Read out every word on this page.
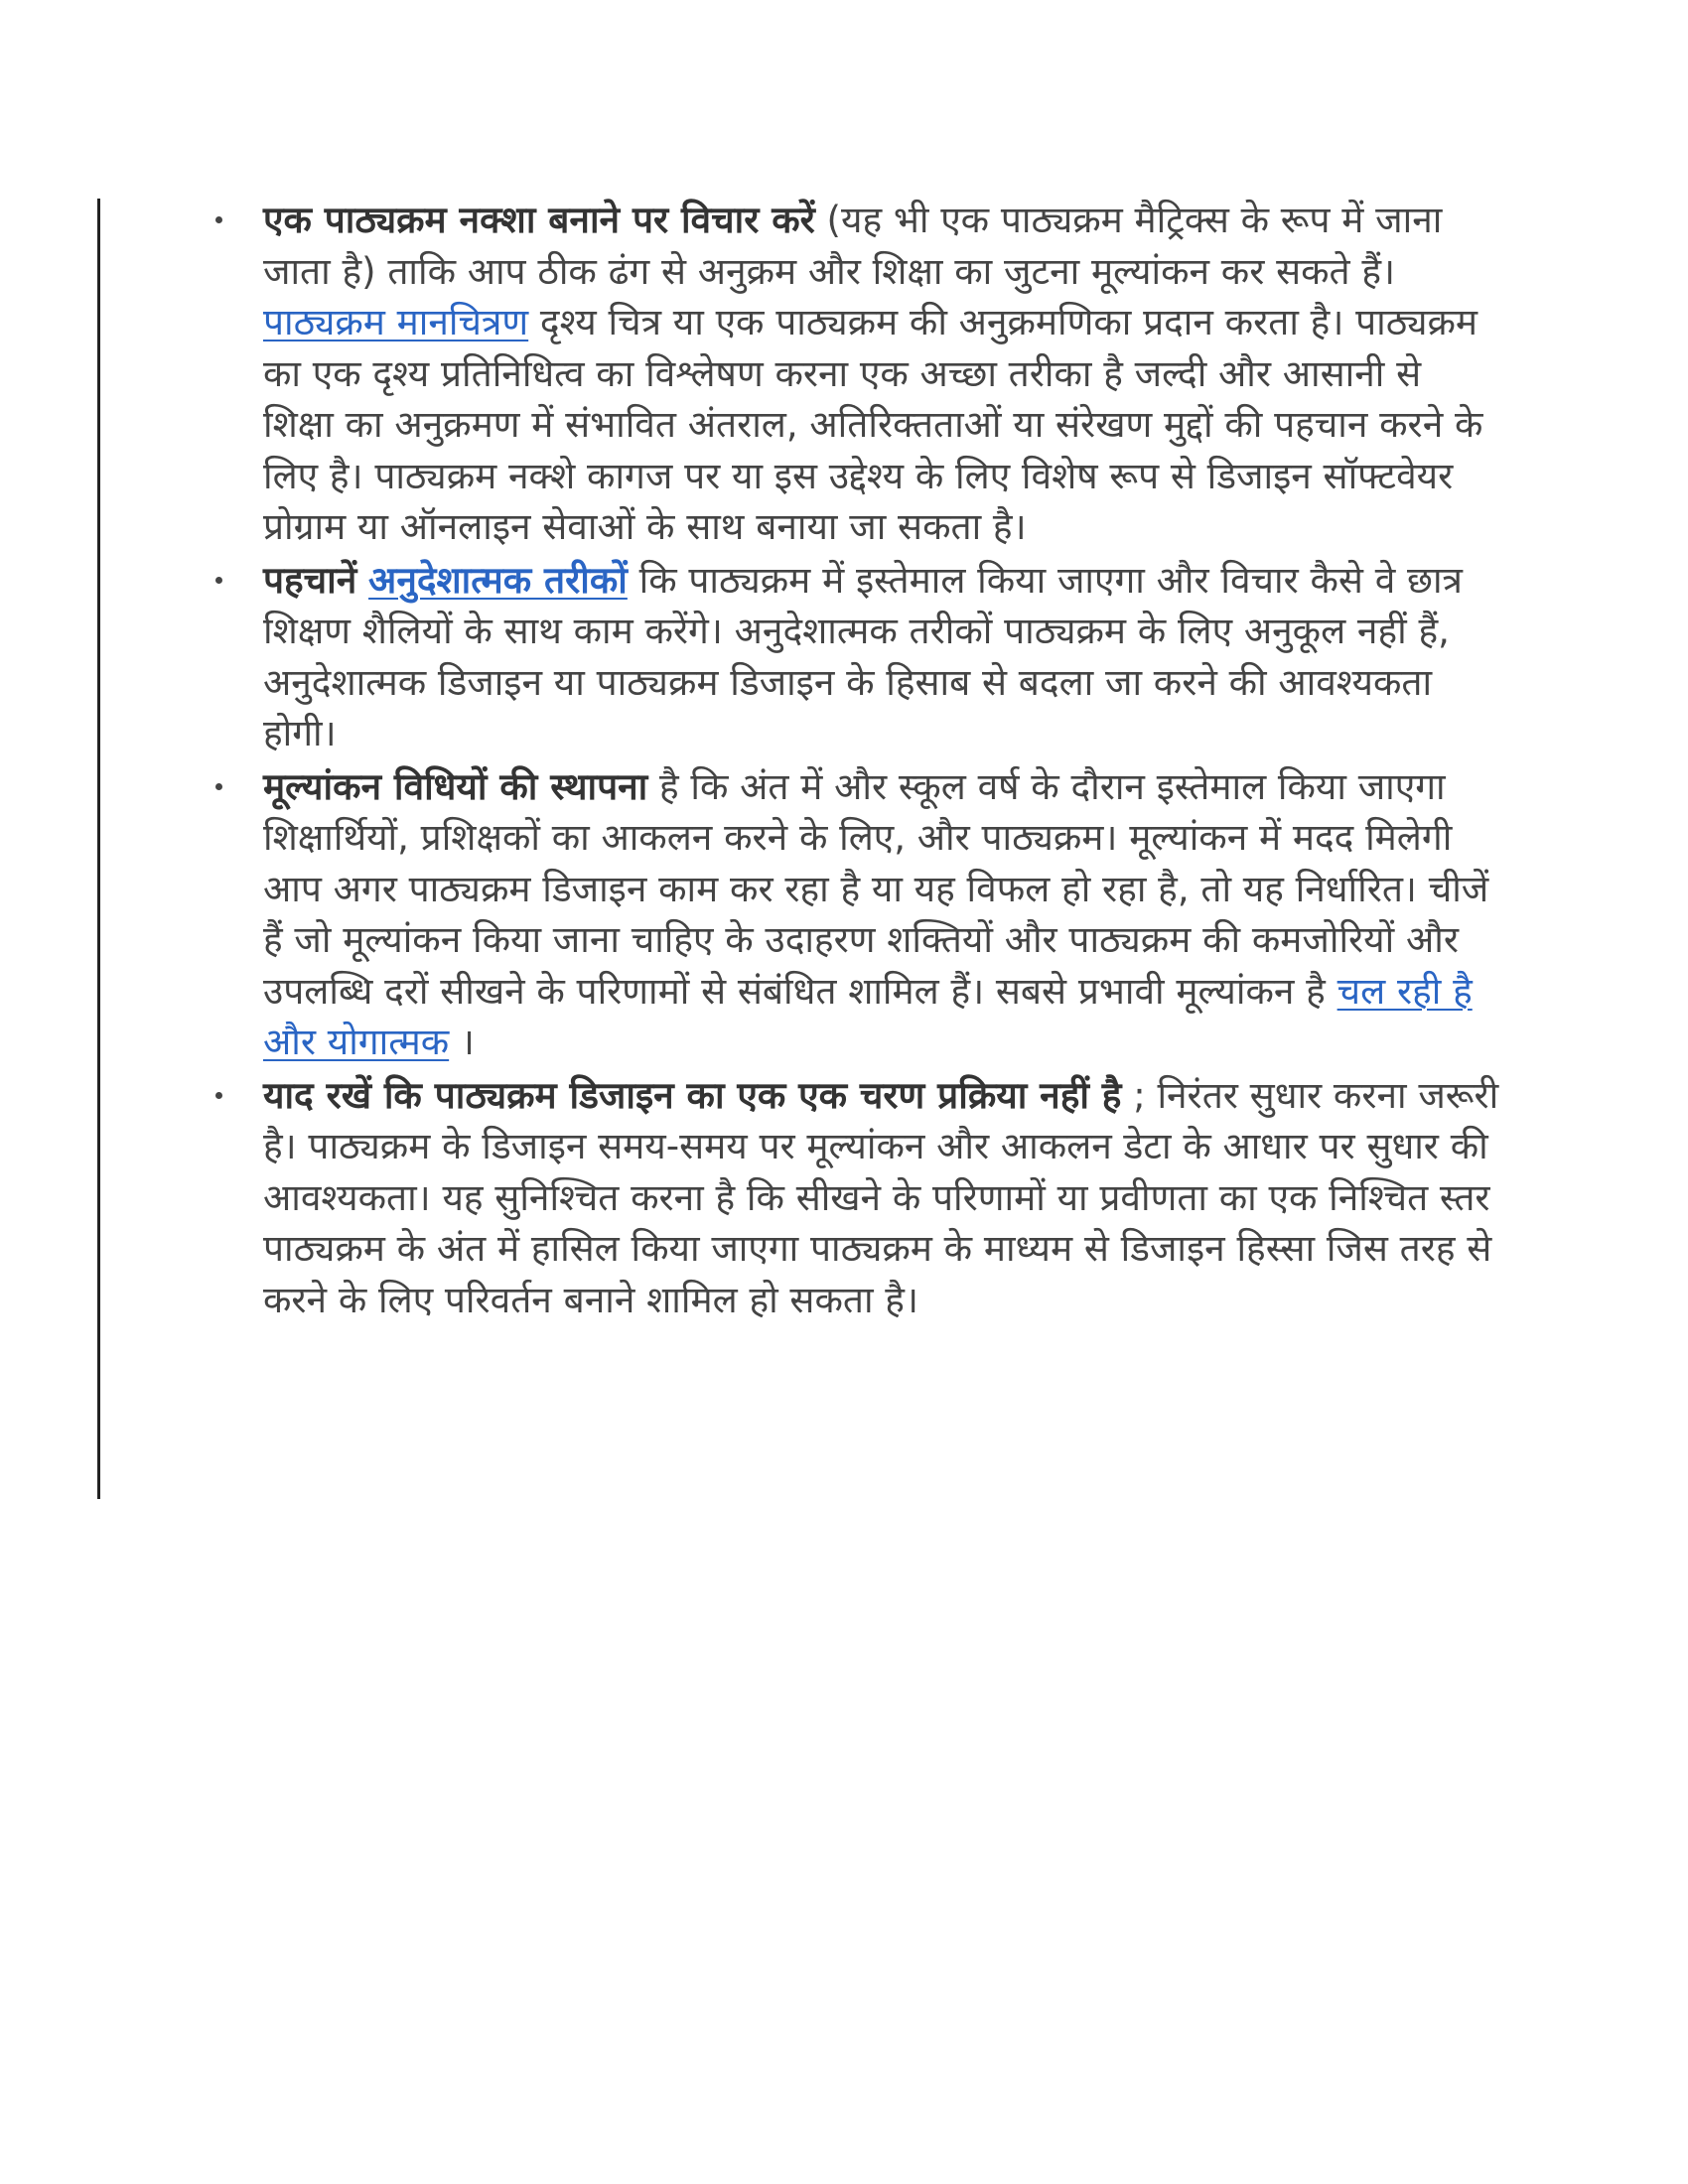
एक पाठ्यक्रम नक्शा बनाने पर विचार करें (यह भी एक पाठ्यक्रम मैट्रिक्स के रूप में जाना जाता है) ताकि आप ठीक ढंग से अनुक्रम और शिक्षा का जुटना मूल्यांकन कर सकते हैं। पाठ्यक्रम मानचित्रण दृश्य चित्र या एक पाठ्यक्रम की अनुक्रमणिका प्रदान करता है। पाठ्यक्रम का एक दृश्य प्रतिनिधित्व का विश्लेषण करना एक अच्छा तरीका है जल्दी और आसानी से शिक्षा का अनुक्रमण में संभावित अंतराल, अतिरिक्तताओं या संरेखण मुद्दों की पहचान करने के लिए है। पाठ्यक्रम नक्शे कागज पर या इस उद्देश्य के लिए विशेष रूप से डिजाइन सॉफ्टवेयर प्रोग्राम या ऑनलाइन सेवाओं के साथ बनाया जा सकता है।
पहचानें अनुदेशात्मक तरीकों कि पाठ्यक्रम में इस्तेमाल किया जाएगा और विचार कैसे वे छात्र शिक्षण शैलियों के साथ काम करेंगे। अनुदेशात्मक तरीकों पाठ्यक्रम के लिए अनुकूल नहीं हैं, अनुदेशात्मक डिजाइन या पाठ्यक्रम डिजाइन के हिसाब से बदला जा करने की आवश्यकता होगी।
मूल्यांकन विधियों की स्थापना है कि अंत में और स्कूल वर्ष के दौरान इस्तेमाल किया जाएगा शिक्षार्थियों, प्रशिक्षकों का आकलन करने के लिए, और पाठ्यक्रम। मूल्यांकन में मदद मिलेगी आप अगर पाठ्यक्रम डिजाइन काम कर रहा है या यह विफल हो रहा है, तो यह निर्धारित। चीजें हैं जो मूल्यांकन किया जाना चाहिए के उदाहरण शक्तियों और पाठ्यक्रम की कमजोरियों और उपलब्धि दरों सीखने के परिणामों से संबंधित शामिल हैं। सबसे प्रभावी मूल्यांकन है चल रही है और योगात्मक ।
याद रखें कि पाठ्यक्रम डिजाइन का एक एक चरण प्रक्रिया नहीं है ; निरंतर सुधार करना जरूरी है। पाठ्यक्रम के डिजाइन समय-समय पर मूल्यांकन और आकलन डेटा के आधार पर सुधार की आवश्यकता। यह सुनिश्चित करना है कि सीखने के परिणामों या प्रवीणता का एक निश्चित स्तर पाठ्यक्रम के अंत में हासिल किया जाएगा पाठ्यक्रम के माध्यम से डिजाइन हिस्सा जिस तरह से करने के लिए परिवर्तन बनाने शामिल हो सकता है।
